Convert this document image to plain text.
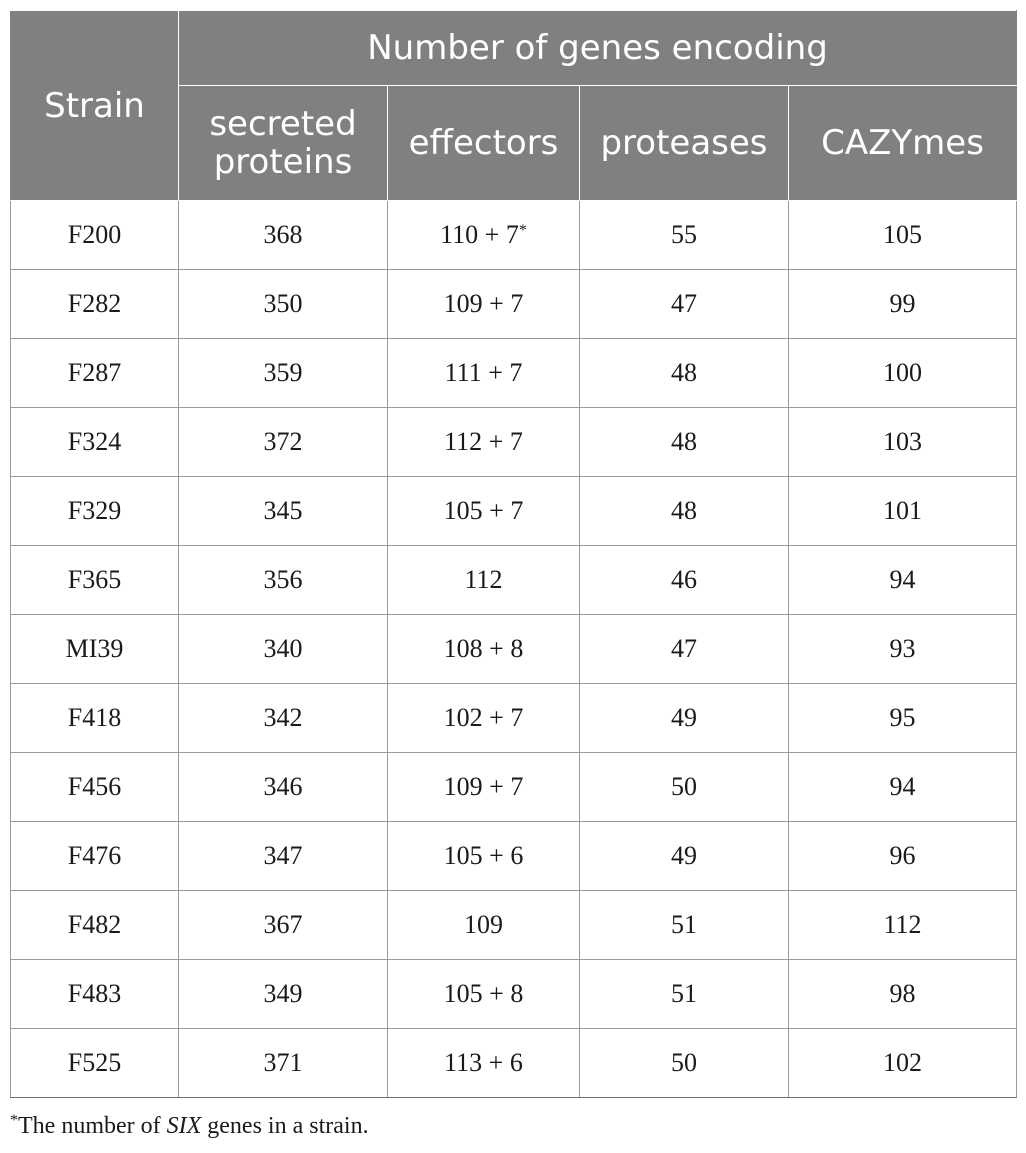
Strain	Number of genes encoding			
	secreted proteins	effectors	proteases	CAZYmes
F200	368	110 + 7*	55	105
F282	350	109 + 7	47	99
F287	359	111 + 7	48	100
F324	372	112 + 7	48	103
F329	345	105 + 7	48	101
F365	356	112	46	94
MI39	340	108 + 8	47	93
F418	342	102 + 7	49	95
F456	346	109 + 7	50	94
F476	347	105 + 6	49	96
F482	367	109	51	112
F483	349	105 + 8	51	98
F525	371	113 + 6	50	102
*The number of SIX genes in a strain.
